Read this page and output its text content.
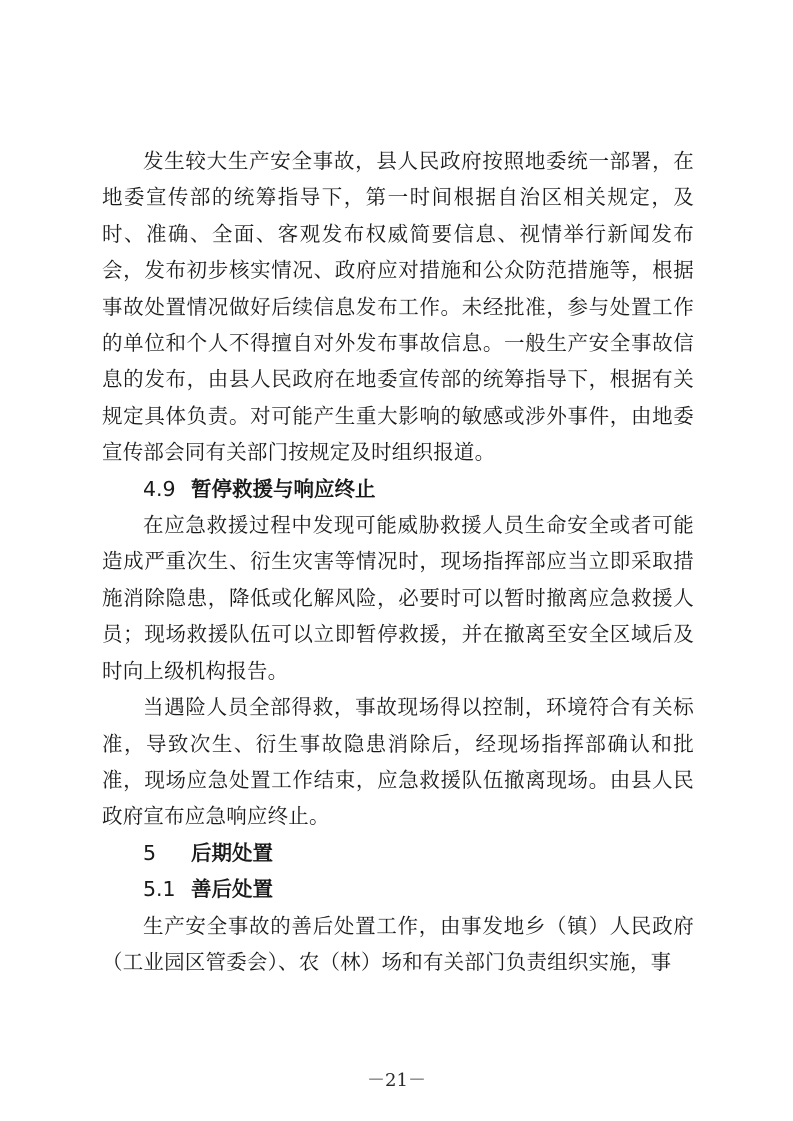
发生较大生产安全事故，县人民政府按照地委统一部署，在地委宣传部的统筹指导下，第一时间根据自治区相关规定，及时、准确、全面、客观发布权威简要信息、视情举行新闻发布会，发布初步核实情况、政府应对措施和公众防范措施等，根据事故处置情况做好后续信息发布工作。未经批准，参与处置工作的单位和个人不得擅自对外发布事故信息。一般生产安全事故信息的发布，由县人民政府在地委宣传部的统筹指导下，根据有关规定具体负责。对可能产生重大影响的敏感或涉外事件，由地委宣传部会同有关部门按规定及时组织报道。

4.9 暂停救援与响应终止

在应急救援过程中发现可能威胁救援人员生命安全或者可能造成严重次生、衍生灾害等情况时，现场指挥部应当立即采取措施消除隐患，降低或化解风险，必要时可以暂时撤离应急救援人员；现场救援队伍可以立即暂停救援，并在撤离至安全区域后及时向上级机构报告。

当遇险人员全部得救，事故现场得以控制，环境符合有关标准，导致次生、衍生事故隐患消除后，经现场指挥部确认和批准，现场应急处置工作结束，应急救援队伍撤离现场。由县人民政府宣布应急响应终止。

5 后期处置

5.1 善后处置

生产安全事故的善后处置工作，由事发地乡（镇）人民政府（工业园区管委会）、农（林）场和有关部门负责组织实施，事

－21－
